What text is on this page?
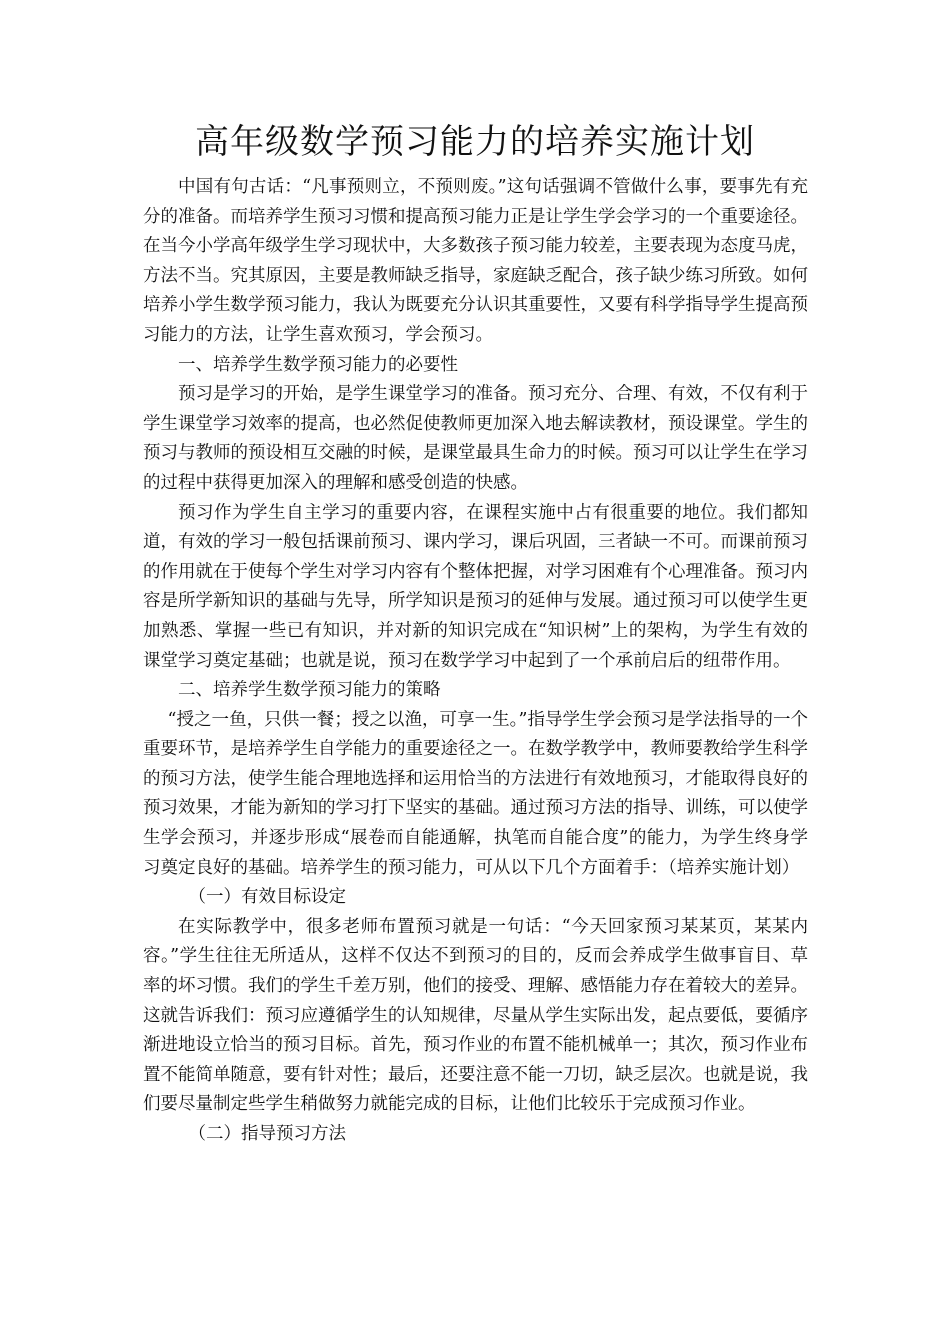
高年级数学预习能力的培养实施计划

中国有句古话：“凡事预则立，不预则废。”这句话强调不管做什么事，要事先有充分的准备。而培养学生预习习惯和提高预习能力正是让学生学会学习的一个重要途径。在当今小学高年级学生学习现状中，大多数孩子预习能力较差，主要表现为态度马虎，方法不当。究其原因，主要是教师缺乏指导，家庭缺乏配合，孩子缺少练习所致。如何培养小学生数学预习能力，我认为既要充分认识其重要性，又要有科学指导学生提高预习能力的方法，让学生喜欢预习，学会预习。

一、培养学生数学预习能力的必要性

预习是学习的开始，是学生课堂学习的准备。预习充分、合理、有效，不仅有利于学生课堂学习效率的提高，也必然促使教师更加深入地去解读教材，预设课堂。学生的预习与教师的预设相互交融的时候，是课堂最具生命力的时候。预习可以让学生在学习的过程中获得更加深入的理解和感受创造的快感。

预习作为学生自主学习的重要内容，在课程实施中占有很重要的地位。我们都知道，有效的学习一般包括课前预习、课内学习，课后巩固，三者缺一不可。而课前预习的作用就在于使每个学生对学习内容有个整体把握，对学习困难有个心理准备。预习内容是所学新知识的基础与先导，所学知识是预习的延伸与发展。通过预习可以使学生更加熟悉、掌握一些已有知识，并对新的知识完成在“知识树”上的架构，为学生有效的课堂学习奠定基础；也就是说，预习在数学学习中起到了一个承前启后的纽带作用。

二、培养学生数学预习能力的策略

“授之一鱼，只供一餐；授之以渔，可享一生。”指导学生学会预习是学法指导的一个重要环节，是培养学生自学能力的重要途径之一。在数学教学中，教师要教给学生科学的预习方法，使学生能合理地选择和运用恰当的方法进行有效地预习，才能取得良好的预习效果，才能为新知的学习打下坚实的基础。通过预习方法的指导、训练，可以使学生学会预习，并逐步形成“展卷而自能通解，执笔而自能合度”的能力，为学生终身学习奠定良好的基础。培养学生的预习能力，可从以下几个方面着手：（培养实施计划）

（一）有效目标设定

在实际教学中，很多老师布置预习就是一句话：“今天回家预习某某页，某某内容。”学生往往无所适从，这样不仅达不到预习的目的，反而会养成学生做事盲目、草率的坏习惯。我们的学生千差万别，他们的接受、理解、感悟能力存在着较大的差异。这就告诉我们：预习应遵循学生的认知规律，尽量从学生实际出发，起点要低，要循序渐进地设立恰当的预习目标。首先，预习作业的布置不能机械单一；其次，预习作业布置不能简单随意，要有针对性；最后，还要注意不能一刀切，缺乏层次。也就是说，我们要尽量制定些学生稍做努力就能完成的目标，让他们比较乐于完成预习作业。

（二）指导预习方法
